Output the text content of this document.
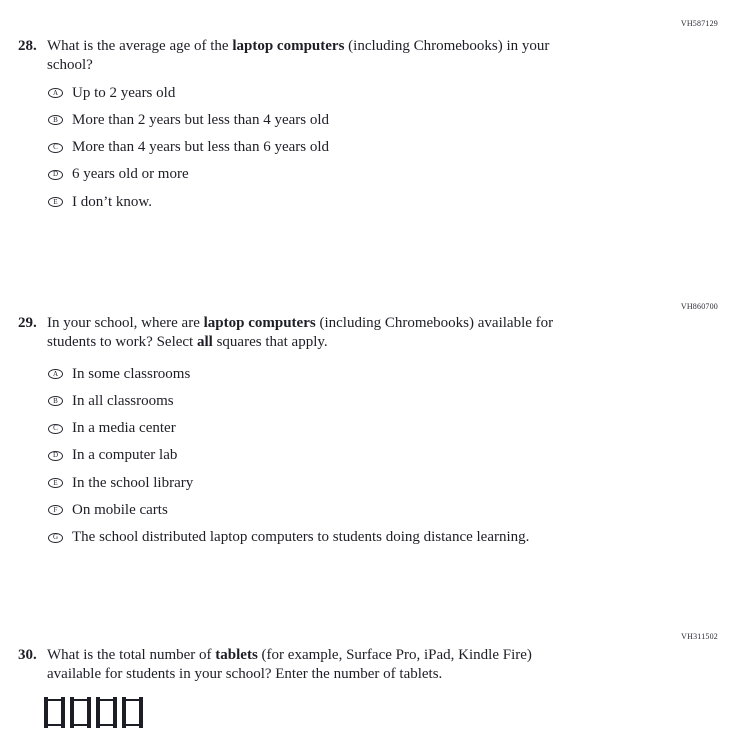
VH587129
28. What is the average age of the laptop computers (including Chromebooks) in your
school?
A Up to 2 years old
B More than 2 years but less than 4 years old
C More than 4 years but less than 6 years old
D 6 years old or more
E I don’t know.
VH860700
29. In your school, where are laptop computers (including Chromebooks) available for
students to work? Select all squares that apply.
A In some classrooms
B In all classrooms
C In a media center
D In a computer lab
E In the school library
F On mobile carts
G The school distributed laptop computers to students doing distance learning.
VH311502
30. What is the total number of tablets (for example, Surface Pro, iPad, Kindle Fire)
available for students in your school? Enter the number of tablets.
